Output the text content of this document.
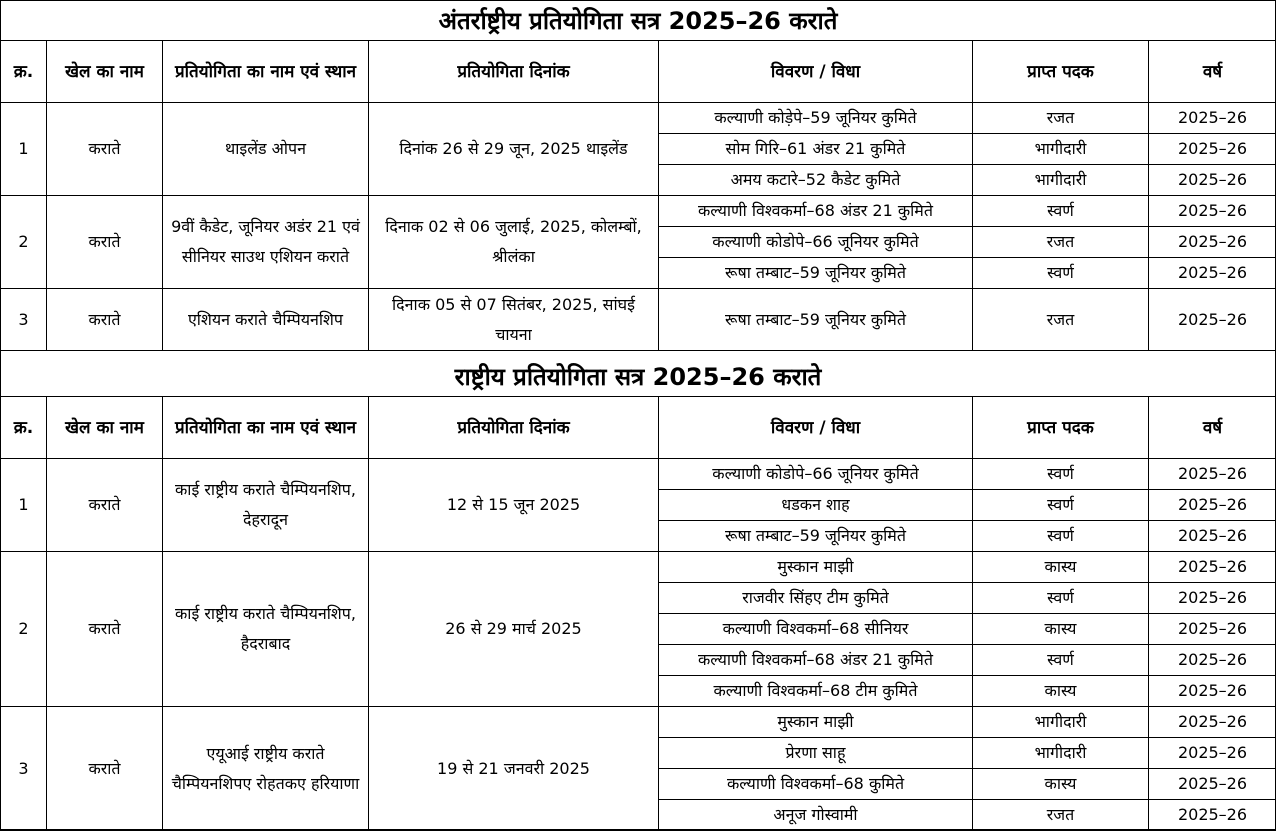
अंतर्राष्ट्रीय प्रतियोगिता सत्र 2025–26 कराते
क्र.	खेल का नाम	प्रतियोगिता का नाम एवं स्थान	प्रतियोगिता दिनांक	विवरण / विधा	प्राप्त पदक	वर्ष
1	कराते	थाइलेंड ओपन	दिनांक 26 से 29 जून, 2025 थाइलेंड	कल्याणी कोड़ेपे–59 जूनियर कुमिते	रजत	2025–26
				सोम गिरि–61 अंडर 21 कुमिते	भागीदारी	2025–26
				अमय कटारे–52 कैडेट कुमिते	भागीदारी	2025–26
2	कराते	9वीं कैडेट, जूनियर अडंर 21 एवं सीनियर साउथ एशियन कराते	दिनाक 02 से 06 जुलाई, 2025, कोलम्बों, श्रीलंका	कल्याणी विश्वकर्मा–68 अंडर 21 कुमिते	स्वर्ण	2025–26
				कल्याणी कोडोपे–66 जूनियर कुमिते	रजत	2025–26
				रूषा तम्बाट–59 जूनियर कुमिते	स्वर्ण	2025–26
3	कराते	एशियन कराते चैम्पियनशिप	दिनाक 05 से 07 सितंबर, 2025, सांघई चायना	रूषा तम्बाट–59 जूनियर कुमिते	रजत	2025–26
राष्ट्रीय प्रतियोगिता सत्र 2025–26 कराते
क्र.	खेल का नाम	प्रतियोगिता का नाम एवं स्थान	प्रतियोगिता दिनांक	विवरण / विधा	प्राप्त पदक	वर्ष
1	कराते	काई राष्ट्रीय कराते चैम्पियनशिप, देहरादून	12 से 15 जून 2025	कल्याणी कोडोपे–66 जूनियर कुमिते	स्वर्ण	2025–26
				धडकन शाह	स्वर्ण	2025–26
				रूषा तम्बाट–59 जूनियर कुमिते	स्वर्ण	2025–26
2	कराते	काई राष्ट्रीय कराते चैम्पियनशिप, हैदराबाद	26 से 29 मार्च 2025	मुस्कान माझी	कास्य	2025–26
				राजवीर सिंहए टीम कुमिते	स्वर्ण	2025–26
				कल्याणी विश्वकर्मा–68 सीनियर	कास्य	2025–26
				कल्याणी विश्वकर्मा–68 अंडर 21 कुमिते	स्वर्ण	2025–26
				कल्याणी विश्वकर्मा–68 टीम कुमिते	कास्य	2025–26
3	कराते	एयूआई राष्ट्रीय कराते चैम्पियनशिपए रोहतकए हरियाणा	19 से 21 जनवरी 2025	मुस्कान माझी	भागीदारी	2025–26
				प्रेरणा साहू	भागीदारी	2025–26
				कल्याणी विश्वकर्मा–68 कुमिते	कास्य	2025–26
				अनूज गोस्वामी	रजत	2025–26
